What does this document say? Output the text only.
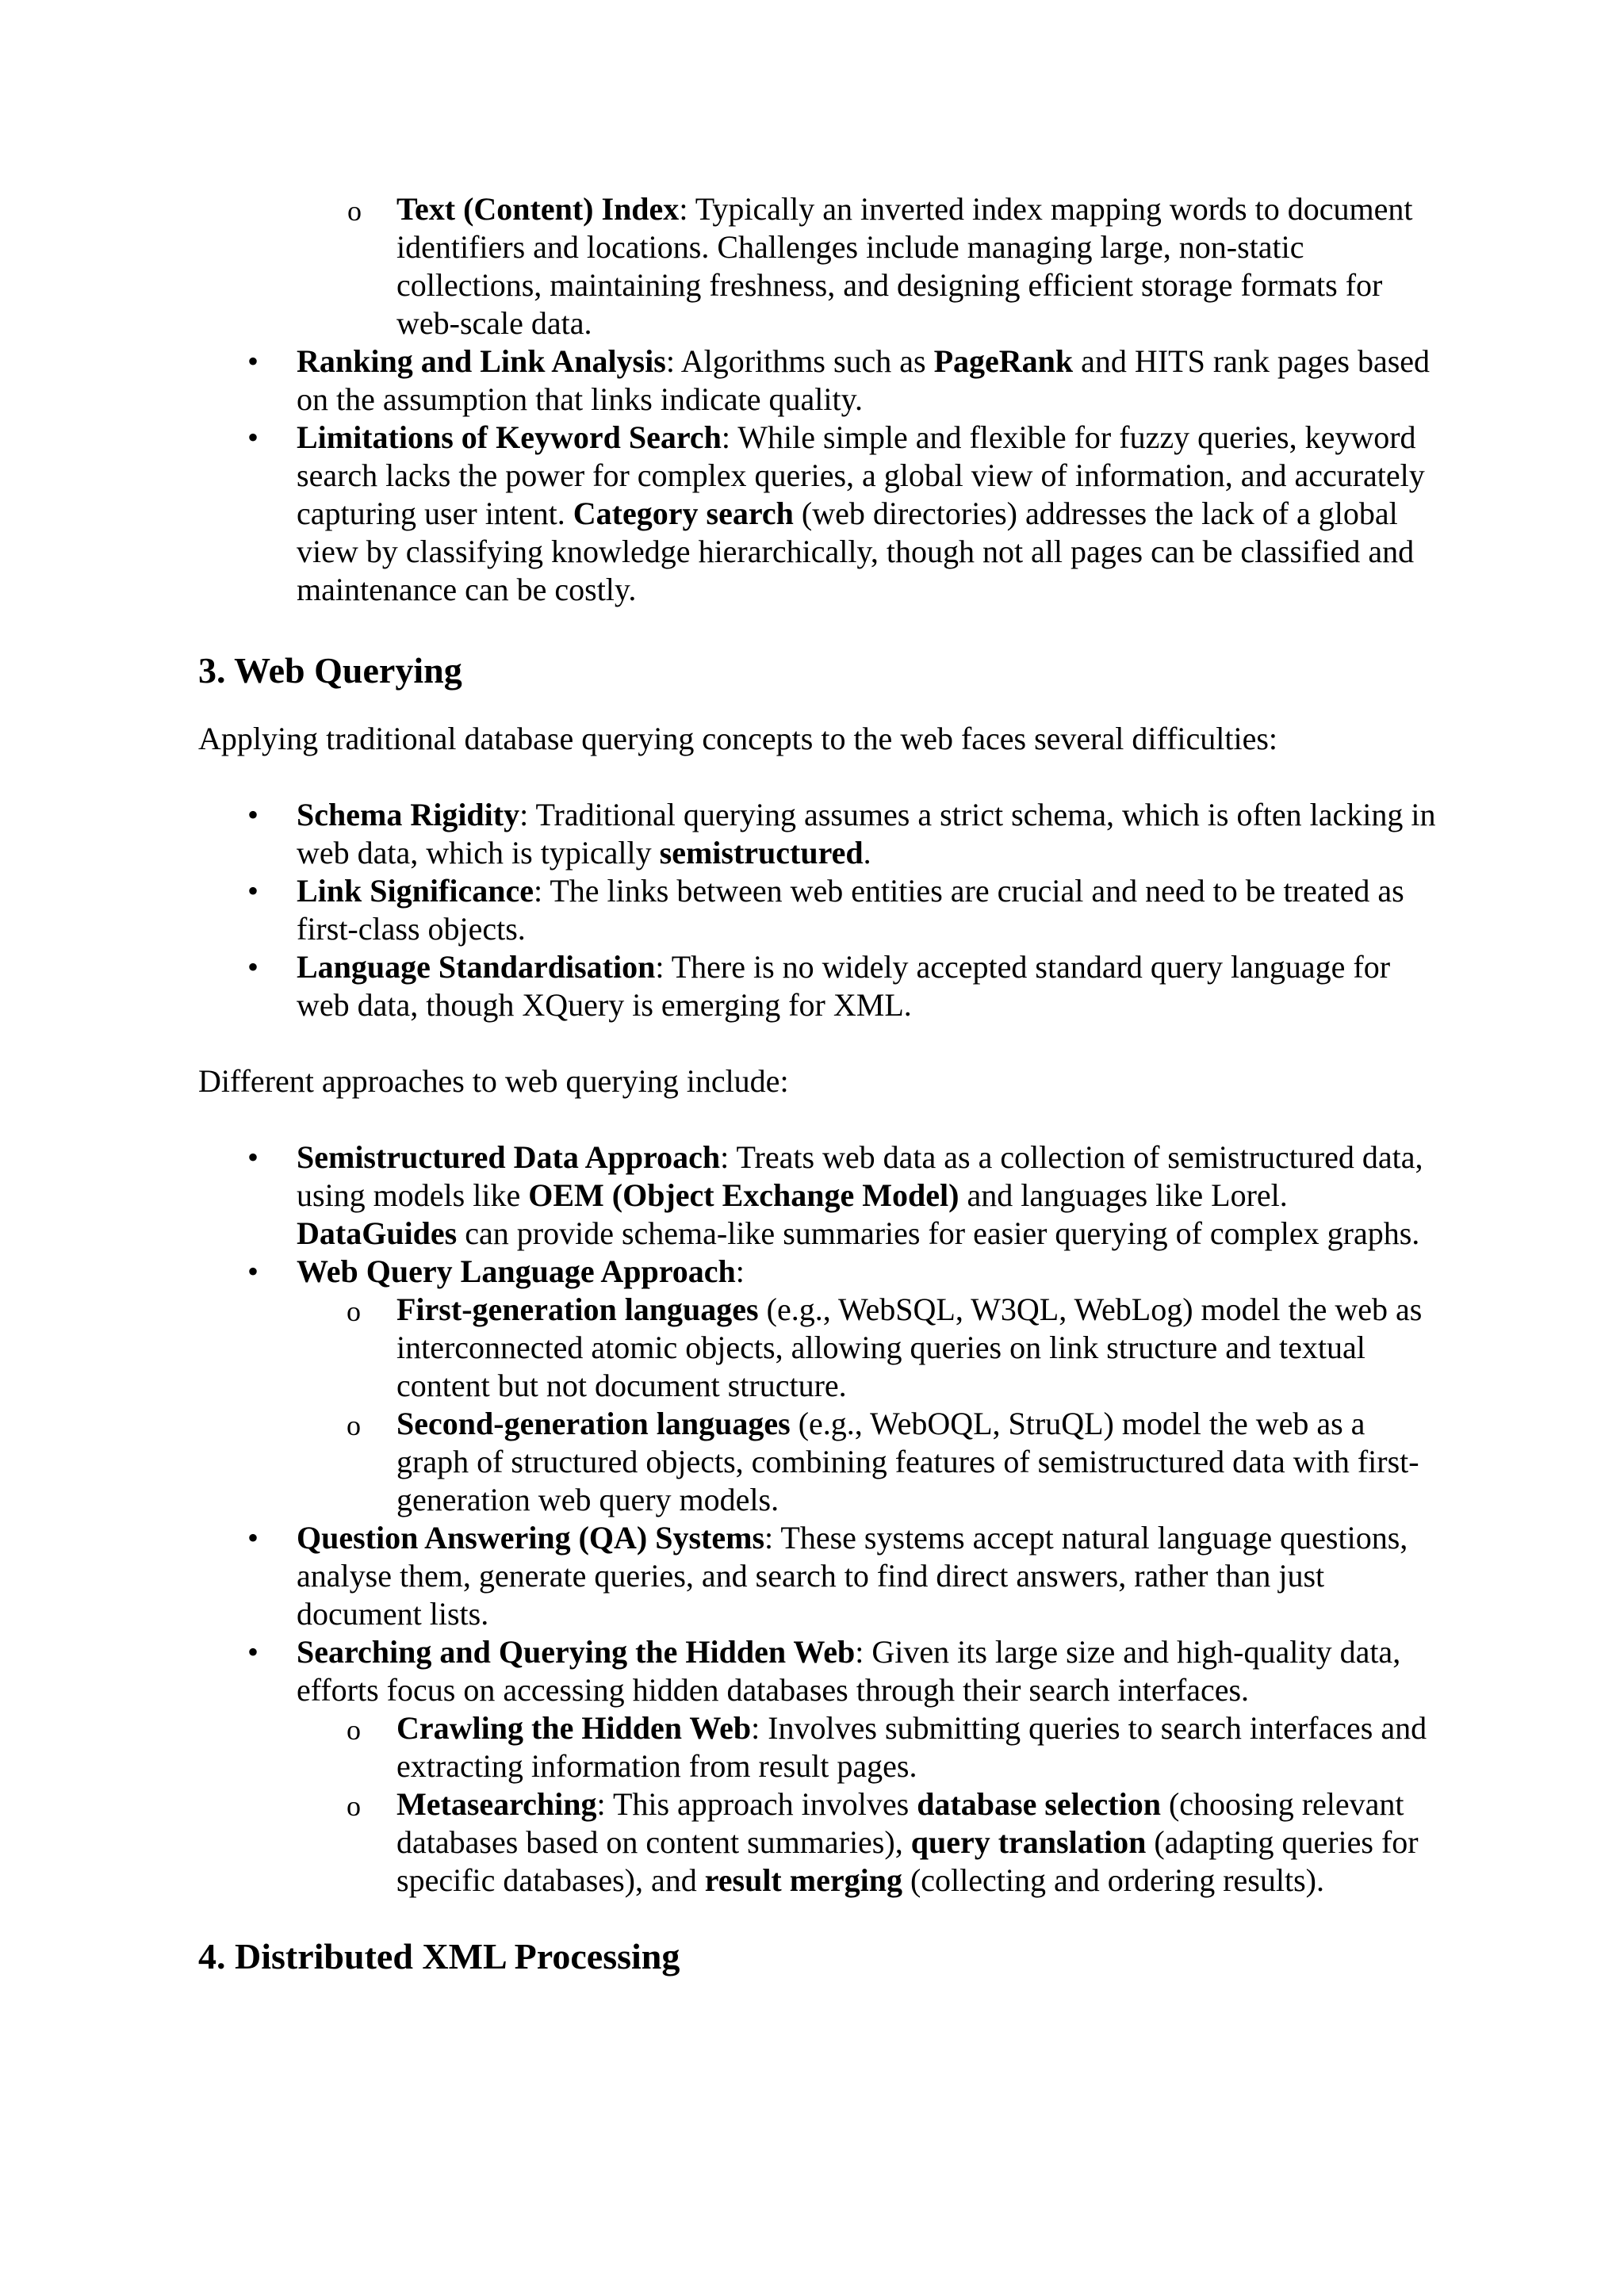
o Text (Content) Index: Typically an inverted index mapping words to document identifiers and locations. Challenges include managing large, non-static collections, maintaining freshness, and designing efficient storage formats for web-scale data.
• Ranking and Link Analysis: Algorithms such as PageRank and HITS rank pages based on the assumption that links indicate quality.
• Limitations of Keyword Search: While simple and flexible for fuzzy queries, keyword search lacks the power for complex queries, a global view of information, and accurately capturing user intent. Category search (web directories) addresses the lack of a global view by classifying knowledge hierarchically, though not all pages can be classified and maintenance can be costly.
3. Web Querying

Applying traditional database querying concepts to the web faces several difficulties:

• Schema Rigidity: Traditional querying assumes a strict schema, which is often lacking in web data, which is typically semistructured.
• Link Significance: The links between web entities are crucial and need to be treated as first-class objects.
• Language Standardisation: There is no widely accepted standard query language for web data, though XQuery is emerging for XML.

Different approaches to web querying include:

• Semistructured Data Approach: Treats web data as a collection of semistructured data, using models like OEM (Object Exchange Model) and languages like Lorel. DataGuides can provide schema-like summaries for easier querying of complex graphs.
• Web Query Language Approach:
o First-generation languages (e.g., WebSQL, W3QL, WebLog) model the web as interconnected atomic objects, allowing queries on link structure and textual content but not document structure.
o Second-generation languages (e.g., WebOQL, StruQL) model the web as a graph of structured objects, combining features of semistructured data with first-generation web query models.
• Question Answering (QA) Systems: These systems accept natural language questions, analyse them, generate queries, and search to find direct answers, rather than just document lists.
• Searching and Querying the Hidden Web: Given its large size and high-quality data, efforts focus on accessing hidden databases through their search interfaces.
o Crawling the Hidden Web: Involves submitting queries to search interfaces and extracting information from result pages.
o Metasearching: This approach involves database selection (choosing relevant databases based on content summaries), query translation (adapting queries for specific databases), and result merging (collecting and ordering results).
4. Distributed XML Processing
